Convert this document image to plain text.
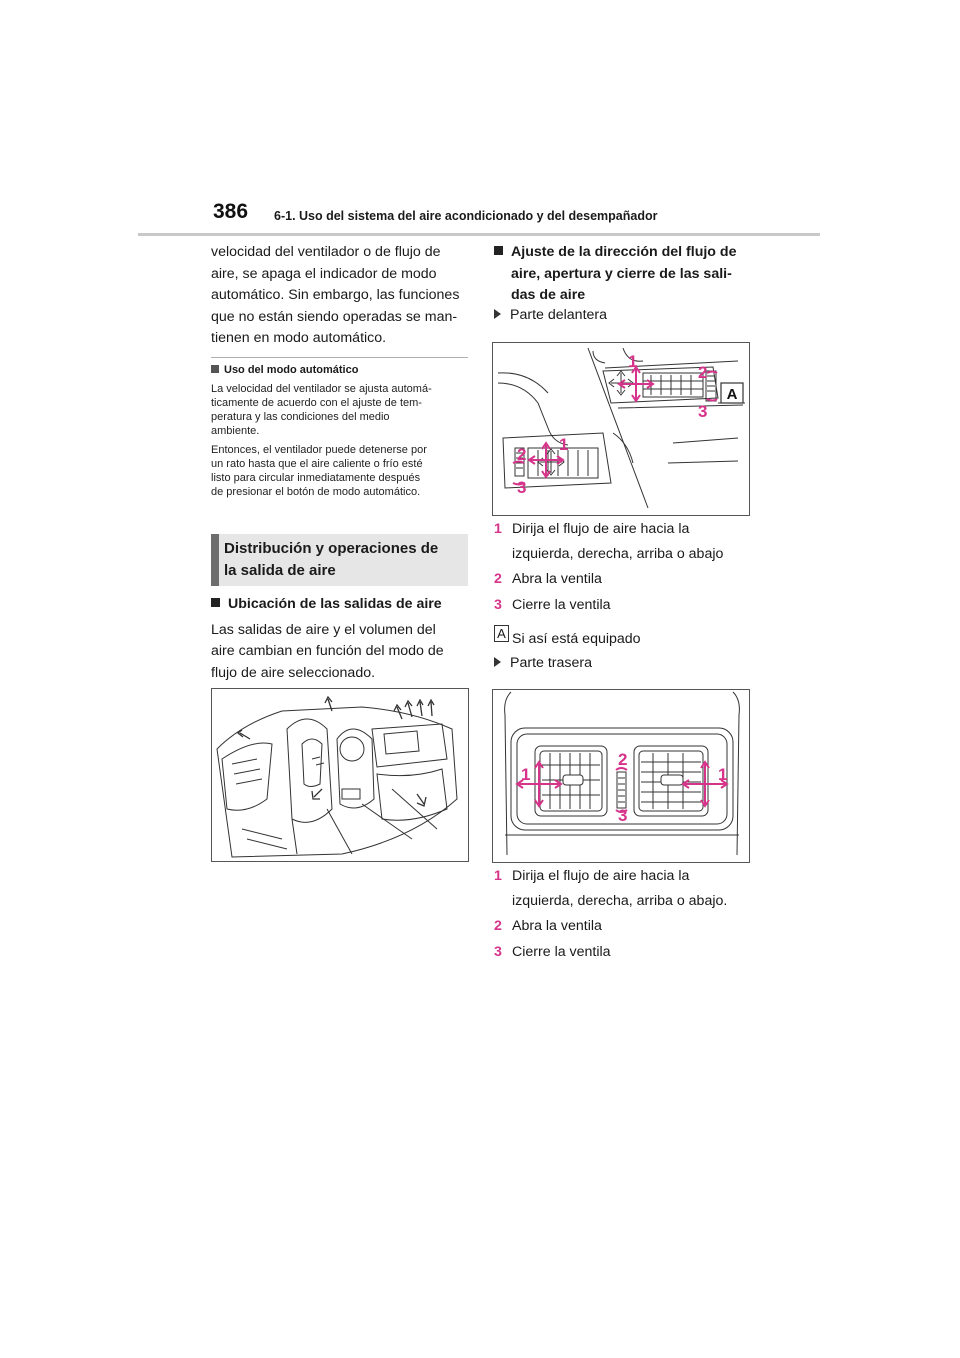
386 6-1. Uso del sistema del aire acondicionado y del desempañador

velocidad del ventilador o de flujo de

aire, se apaga el indicador de modo

automático. Sin embargo, las funciones

que no están siendo operadas se man-

tienen en modo automático.

Uso del modo automático

La velocidad del ventilador se ajusta automá-

ticamente de acuerdo con el ajuste de tem-

peratura y las condiciones del medio

ambiente.

Entonces, el ventilador puede detenerse por

un rato hasta que el aire caliente o frío esté

listo para circular inmediatamente después

de presionar el botón de modo automático.

Distribución y operaciones de
la salida de aire

Ubicación de las salidas de aire

Las salidas de aire y el volumen del

aire cambian en función del modo de

flujo de aire seleccionado.

Ajuste de la dirección del flujo de

aire, apertura y cierre de las sali-

das de aire

Parte delantera
1
2
3
1
2
3
A

1 Dirija el flujo de aire hacia la

izquierda, derecha, arriba o abajo

2 Abra la ventila

3 Cierre la ventila

A Si así está equipado

Parte trasera
1	1
2
3

1 Dirija el flujo de aire hacia la

izquierda, derecha, arriba o abajo.

2 Abra la ventila

3 Cierre la ventila
